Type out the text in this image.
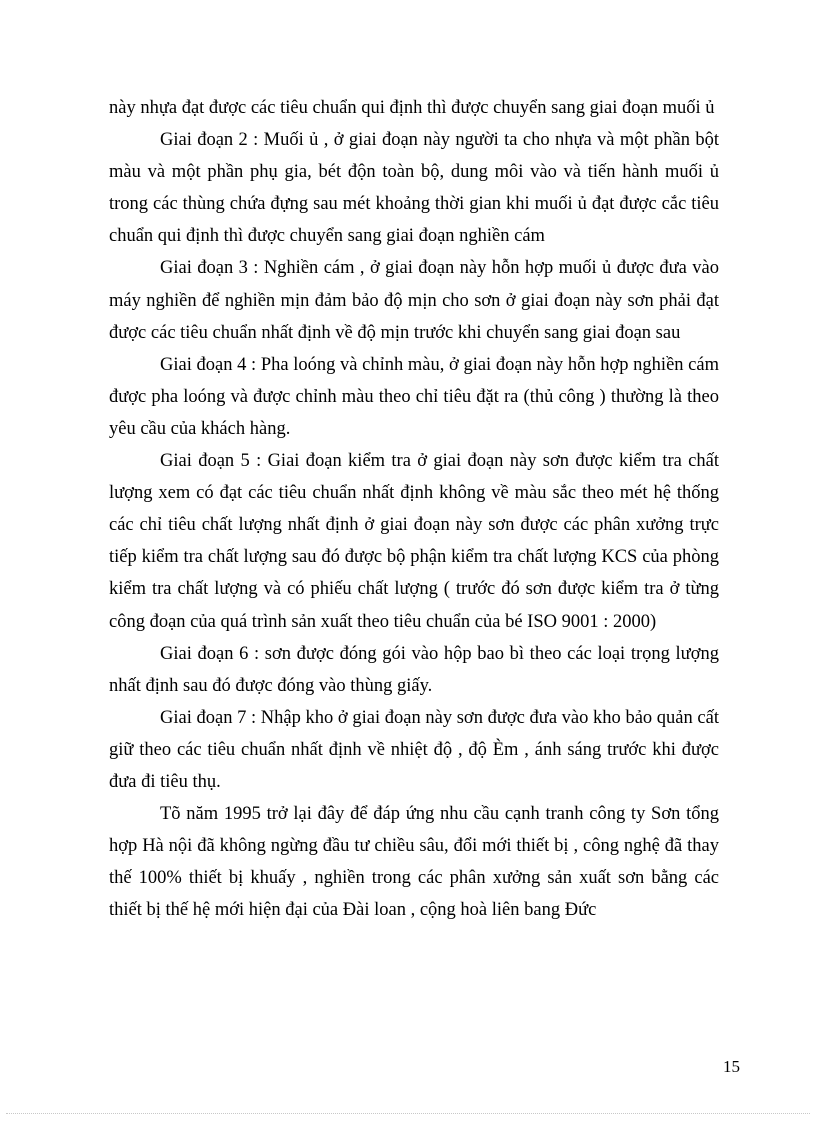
này nhựa đạt được các tiêu chuẩn qui định thì được chuyển sang giai đoạn muối ủ

Giai đoạn 2 : Muối ủ , ở giai đoạn này người ta cho nhựa và một phần bột màu và một phần phụ gia, bét độn toàn bộ, dung môi vào và tiến hành muối ủ trong các thùng chứa đựng sau mét khoảng thời gian khi muối ủ đạt được cắc tiêu chuẩn qui định thì được chuyển sang giai đoạn nghiền cám

Giai đoạn 3 : Nghiền cám , ở giai đoạn này hỗn hợp muối ủ được đưa vào máy nghiền để nghiền mịn đảm bảo độ mịn cho sơn ở giai đoạn này sơn phải đạt được các tiêu chuẩn nhất định về độ mịn trước khi chuyển sang giai đoạn sau

Giai đoạn 4 : Pha loóng và chỉnh màu, ở giai đoạn này hỗn hợp nghiền cám được pha loóng và được chỉnh màu theo chỉ tiêu đặt ra (thủ công ) thường là theo yêu cầu của khách hàng.

Giai đoạn 5 : Giai đoạn kiểm tra ở giai đoạn này sơn được kiểm tra chất lượng xem có đạt các tiêu chuẩn nhất định không về màu sắc theo mét hệ thống các chỉ tiêu chất lượng nhất định ở giai đoạn này sơn được các phân xưởng trực tiếp kiểm tra chất lượng sau đó được bộ phận kiểm tra chất lượng KCS của phòng kiểm tra chất lượng và có phiếu chất lượng ( trước đó sơn được kiểm tra ở từng công đoạn của quá trình sản xuất theo tiêu chuẩn của bé ISO 9001 : 2000)

Giai đoạn 6 : sơn được đóng gói vào hộp bao bì theo các loại trọng lượng nhất định sau đó được đóng vào thùng giấy.

Giai đoạn 7 : Nhập kho ở giai đoạn này sơn được đưa vào kho bảo quản cất giữ theo các tiêu chuẩn nhất định về nhiệt độ , độ Èm , ánh sáng trước khi được đưa đi tiêu thụ.

Tõ năm 1995 trở lại đây để đáp ứng nhu cầu cạnh tranh công ty Sơn tổng hợp Hà nội đã không ngừng đầu tư chiều sâu, đổi mới thiết bị , công nghệ đã thay thế 100% thiết bị khuấy , nghiền trong các phân xưởng sản xuất sơn bằng các thiết bị thế hệ mới hiện đại của Đài loan , cộng hoà liên bang Đức

15
